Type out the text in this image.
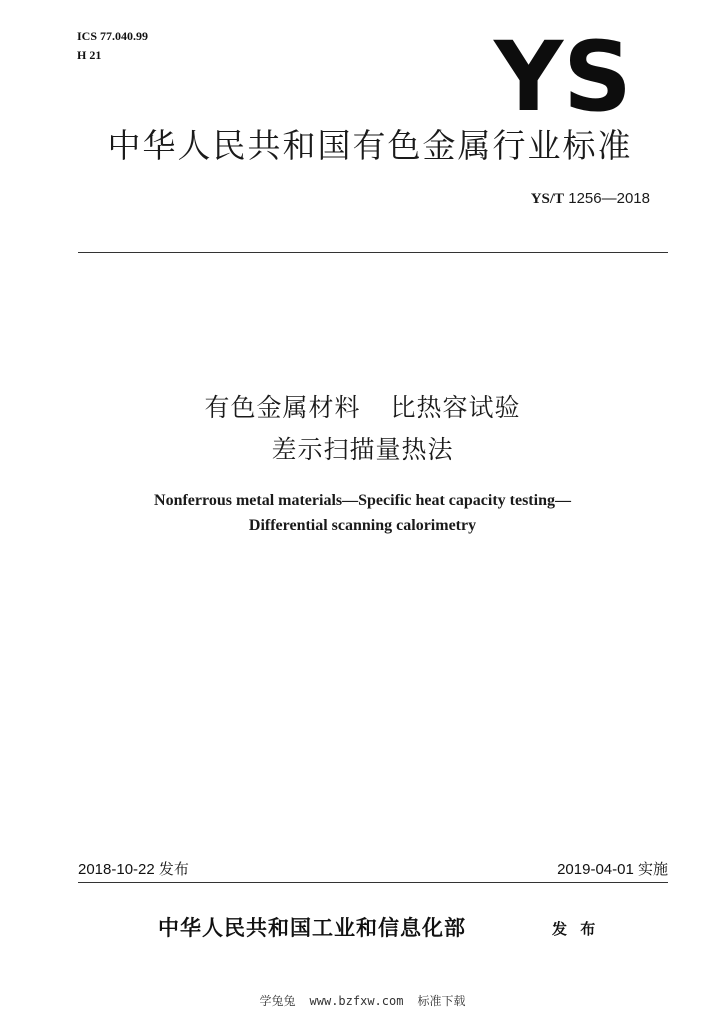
ICS 77.040.99
H 21	YS
中华人民共和国有色金属行业标准
YS/T 1256—2018
有色金属材料 比热容试验
差示扫描量热法
Nonferrous metal materials—Specific heat capacity testing—
Differential scanning calorimetry
2018-10-22 发布	2019-04-01 实施
中华人民共和国工业和信息化部	发 布
学兔兔 www.bzfxw.com 标准下载
